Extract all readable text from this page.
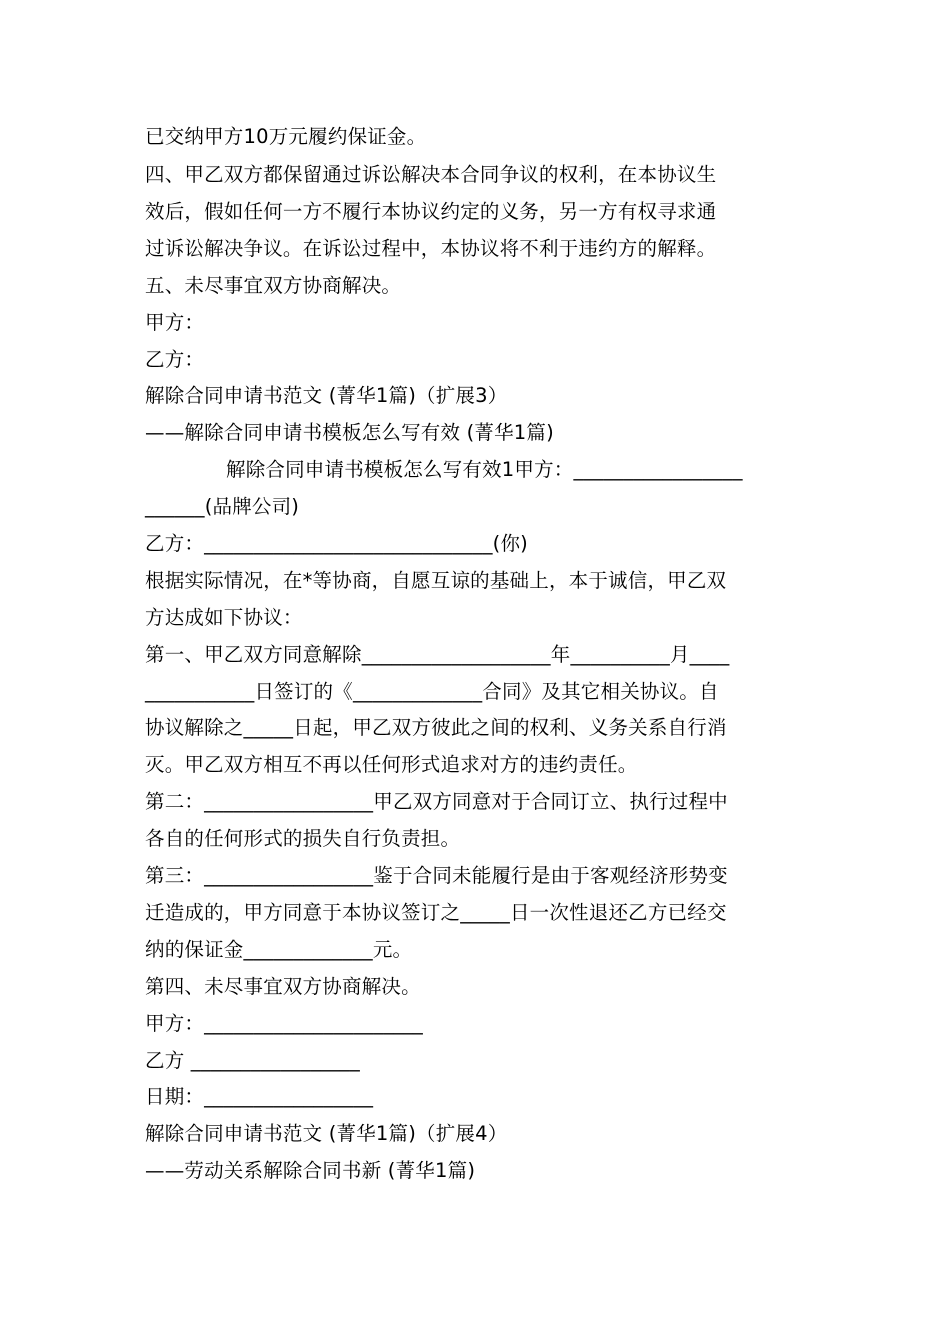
已交纳甲方10万元履约保证金。
四、甲乙双方都保留通过诉讼解决本合同争议的权利，在本协议生
效后，假如任何一方不履行本协议约定的义务，另一方有权寻求通
过诉讼解决争议。在诉讼过程中，本协议将不利于违约方的解释。
五、未尽事宜双方协商解决。
甲方：
乙方：
解除合同申请书范文 (菁华1篇)（扩展3）
——解除合同申请书模板怎么写有效 (菁华1篇)
解除合同申请书模板怎么写有效1甲方：_________________
______(品牌公司)
乙方：_____________________________(你)
根据实际情况，在*等协商，自愿互谅的基础上，本于诚信，甲乙双
方达成如下协议：
第一、甲乙双方同意解除___________________年__________月____
___________日签订的《_____________合同》及其它相关协议。自
协议解除之_____日起，甲乙双方彼此之间的权利、义务关系自行消
灭。甲乙双方相互不再以任何形式追求对方的违约责任。
第二：_________________甲乙双方同意对于合同订立、执行过程中
各自的任何形式的损失自行负责担。
第三：_________________鉴于合同未能履行是由于客观经济形势变
迁造成的，甲方同意于本协议签订之_____日一次性退还乙方已经交
纳的保证金_____________元。
第四、未尽事宜双方协商解决。
甲方：______________________
乙方 _________________
日期：_________________
解除合同申请书范文 (菁华1篇)（扩展4）
——劳动关系解除合同书新 (菁华1篇)
